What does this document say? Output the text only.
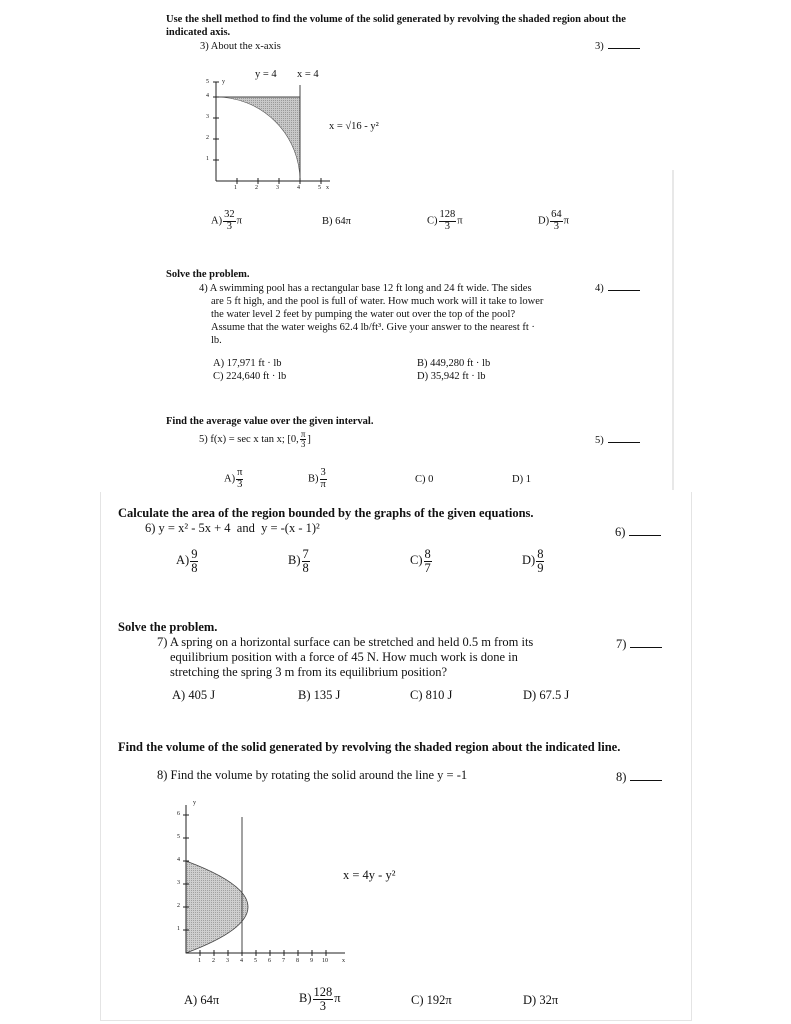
Use the shell method to find the volume of the solid generated by revolving the shaded region about the indicated axis.
3) About the x-axis	3)
y = 4 x = 4
x = √16 - y²
1	2	3	4	5 x
1
2
3
4
5 y
$A) \frac{32}{3}$ π	B) 64π	$C) \frac{128}{3}$ π	$D) \frac{64}{3}$ π
Solve the problem.
4) A swimming pool has a rectangular base 12 ft long and 24 ft wide. The sides
are 5 ft high, and the pool is full of water. How much work will it take to lower
the water level 2 feet by pumping the water out over the top of the pool?
Assume that the water weighs 62.4 lb/ft³. Give your answer to the nearest ft ·
lb.
4)
A) 17,971 ft · lb	B) 449,280 ft · lb
C) 224,640 ft · lb	D) 35,942 ft · lb
Find the average value over the given interval.
5) f(x) = sec x tan x; [0, $\frac{\pi}{3}$ ]	5)
$A) \frac{\pi}{3}$	$B) \frac{3}{\pi}$	C) 0	D) 1
Calculate the area of the region bounded by the graphs of the given equations.
6) y = x² - 5x + 4  and  y = -(x - 1)²	6)
$A) \frac{9}{8}$	$B) \frac{7}{8}$	$C) \frac{8}{7}$	$D) \frac{8}{9}$
Solve the problem.
7) A spring on a horizontal surface can be stretched and held 0.5 m from its
equilibrium position with a force of 45 N. How much work is done in
stretching the spring 3 m from its equilibrium position?
7)
A) 405 J	B) 135 J	C) 810 J	D) 67.5 J
Find the volume of the solid generated by revolving the shaded region about the indicated line.
8) Find the volume by rotating the solid around the line y = -1	8)
x = 4y - y²
1 2 3 4 5 6 7 8 9 10 x
1
2
3
4
5
6
y
A) 64π	$B) \frac{128}{3}$ π	C) 192π	D) 32π
